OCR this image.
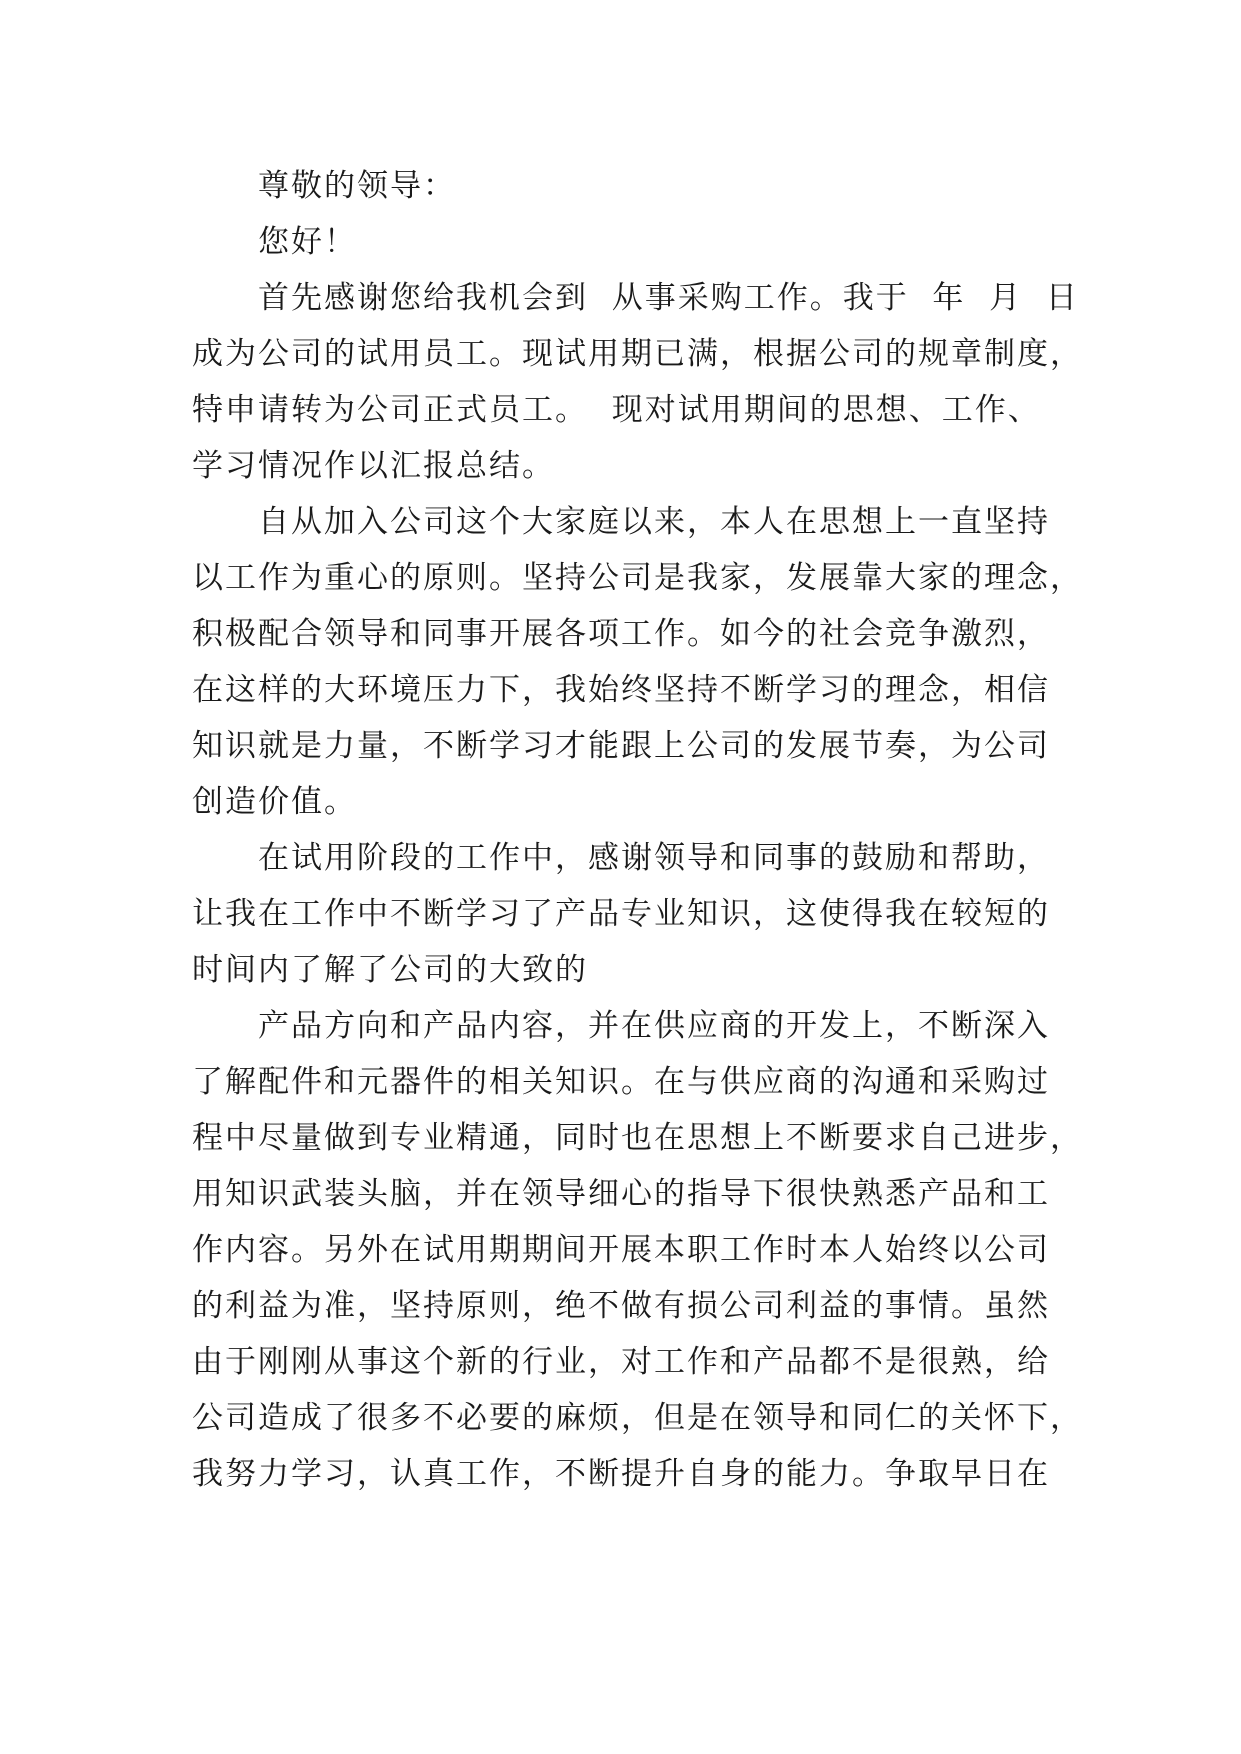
尊敬的领导：
您好！
首先感谢您给我机会到  从事采购工作。我于  年  月  日
成为公司的试用员工。现试用期已满，根据公司的规章制度，
特申请转为公司正式员工。  现对试用期间的思想、工作、
学习情况作以汇报总结。
自从加入公司这个大家庭以来，本人在思想上一直坚持
以工作为重心的原则。坚持公司是我家，发展靠大家的理念，
积极配合领导和同事开展各项工作。如今的社会竞争激烈，
在这样的大环境压力下，我始终坚持不断学习的理念，相信
知识就是力量，不断学习才能跟上公司的发展节奏，为公司
创造价值。
在试用阶段的工作中，感谢领导和同事的鼓励和帮助，
让我在工作中不断学习了产品专业知识，这使得我在较短的
时间内了解了公司的大致的
产品方向和产品内容，并在供应商的开发上，不断深入
了解配件和元器件的相关知识。在与供应商的沟通和采购过
程中尽量做到专业精通，同时也在思想上不断要求自己进步，
用知识武装头脑，并在领导细心的指导下很快熟悉产品和工
作内容。另外在试用期期间开展本职工作时本人始终以公司
的利益为准，坚持原则，绝不做有损公司利益的事情。虽然
由于刚刚从事这个新的行业，对工作和产品都不是很熟，给
公司造成了很多不必要的麻烦，但是在领导和同仁的关怀下，
我努力学习，认真工作，不断提升自身的能力。争取早日在
